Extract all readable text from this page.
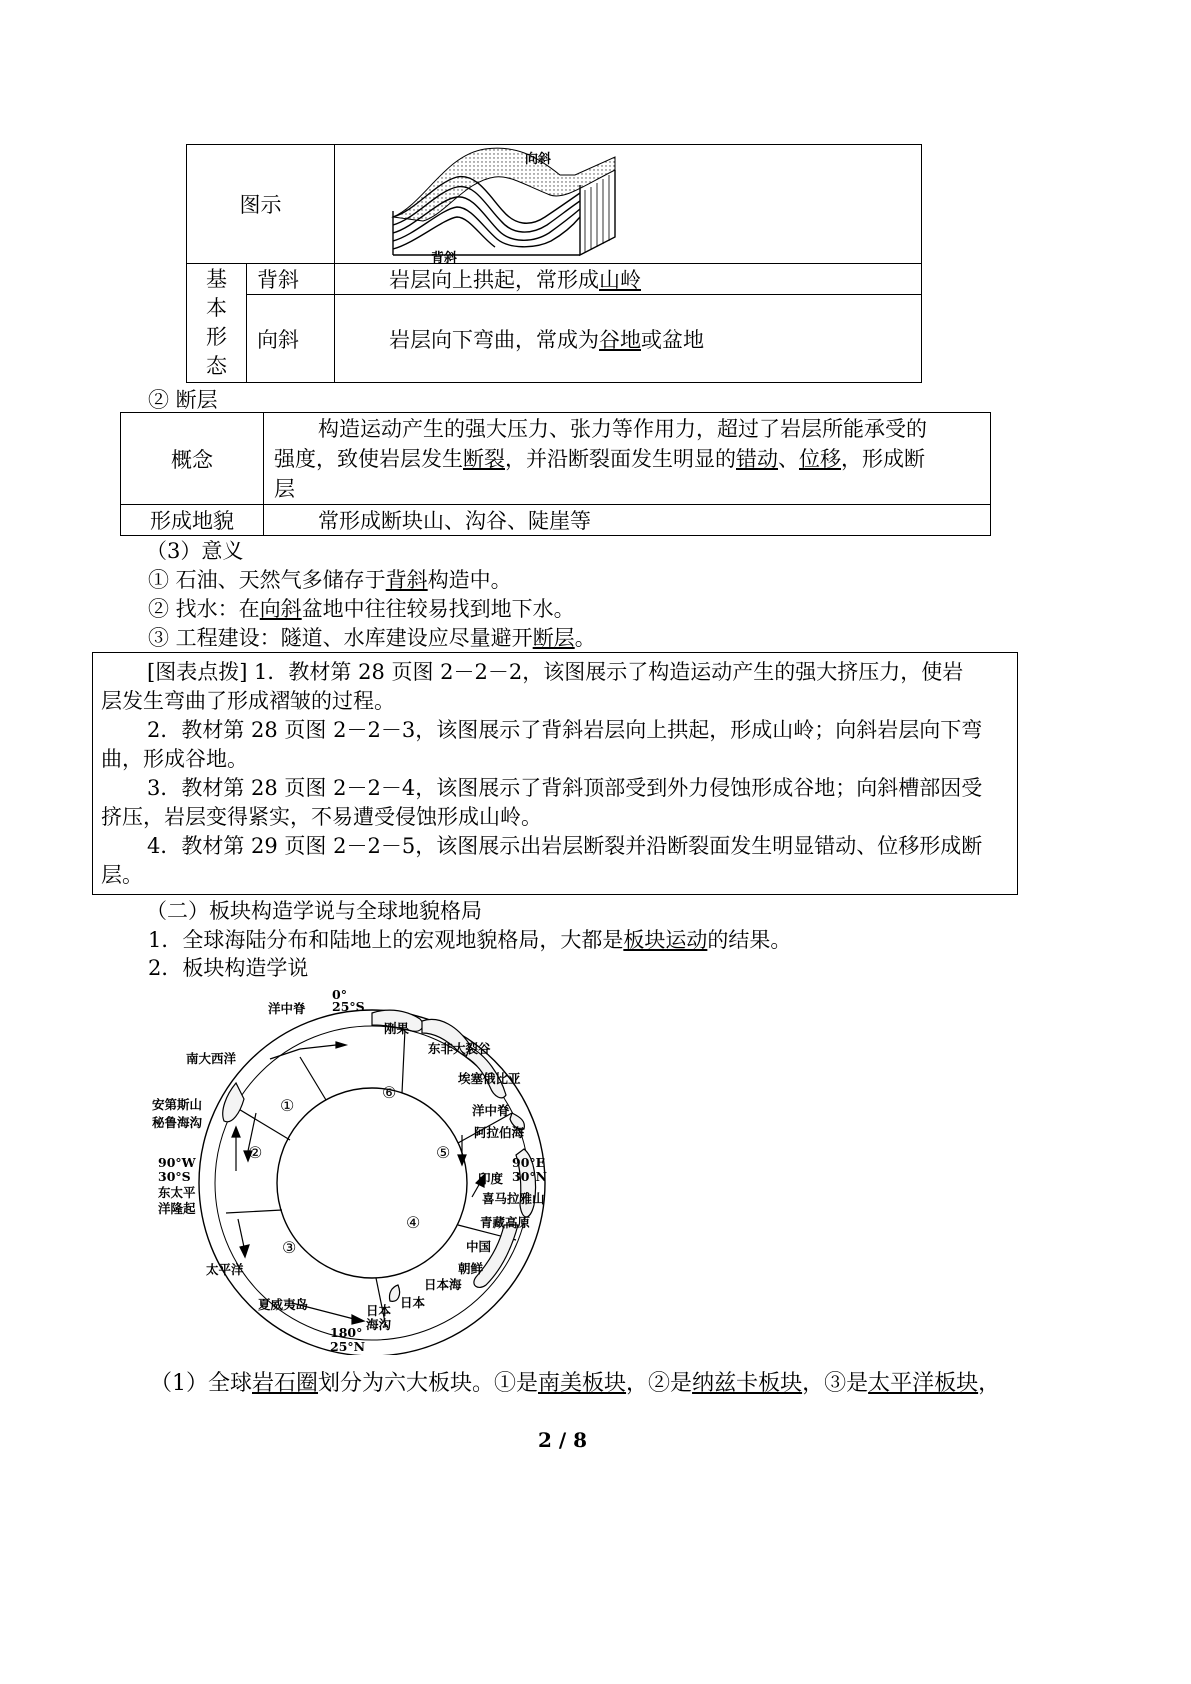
图示		向斜
背斜

基
本
形
态	背斜	岩层向上拱起，常形成山岭
	向斜	岩层向下弯曲，常成为谷地或盆地
② 断层
概念	构造运动产生的强大压力、张力等作用力，超过了岩层所能承受的
强度，致使岩层发生断裂，并沿断裂面发生明显的错动、位移，形成断
层

形成地貌	常形成断块山、沟谷、陡崖等
（3）意义
① 石油、天然气多储存于背斜构造中。
② 找水：在向斜盆地中往往较易找到地下水。
③ 工程建设：隧道、水库建设应尽量避开断层。
[图表点拨] 1．教材第 28 页图 2－2－2，该图展示了构造运动产生的强大挤压力，使岩
层发生弯曲了形成褶皱的过程。
2．教材第 28 页图 2－2－3，该图展示了背斜岩层向上拱起，形成山岭；向斜岩层向下弯
曲，形成谷地。
3．教材第 28 页图 2－2－4，该图展示了背斜顶部受到外力侵蚀形成谷地；向斜槽部因受
挤压，岩层变得紧实，不易遭受侵蚀形成山岭。
4．教材第 29 页图 2－2－5，该图展示出岩层断裂并沿断裂面发生明显错动、位移形成断
层。
（二）板块构造学说与全球地貌格局
1．全球海陆分布和陆地上的宏观地貌格局，大都是板块运动的结果。
2．板块构造学说
①
⑥
②	⑤
④
③
0°
25°S
洋中脊
刚果
东非大裂谷
埃塞俄比亚
南大西洋
安第斯山
秘鲁海沟
90°W
30°S
东太平
洋隆起
太平洋
夏威夷岛
180°
25°N
日本
海沟
日本
日本海
朝鲜
中国
青藏高原
喜马拉雅山
印度
90°E
30°N
阿拉伯海
洋中脊
（1）全球岩石圈划分为六大板块。①是南美板块，②是纳兹卡板块，③是太平洋板块，
2 / 8
